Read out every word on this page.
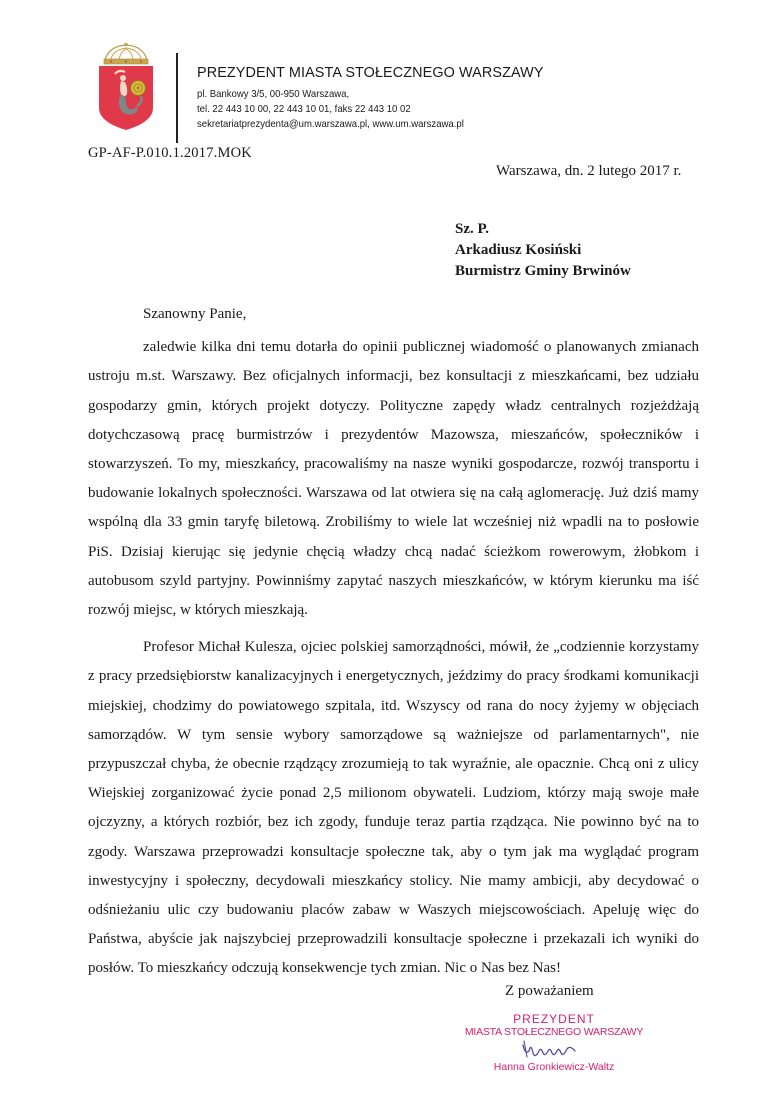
PREZYDENT MIASTA STOŁECZNEGO WARSZAWY
pl. Bankowy 3/5, 00-950 Warszawa,
tel. 22 443 10 00, 22 443 10 01, faks 22 443 10 02
sekretariatprezydenta@um.warszawa.pl, www.um.warszawa.pl
GP-AF-P.010.1.2017.MOK
Warszawa, dn. 2 lutego 2017 r.
Sz. P.
Arkadiusz Kosiński
Burmistrz Gminy Brwinów

Szanowny Panie,

zaledwie kilka dni temu dotarła do opinii publicznej wiadomość o planowanych zmianach ustroju m.st. Warszawy. Bez oficjalnych informacji, bez konsultacji z mieszkańcami, bez udziału gospodarzy gmin, których projekt dotyczy. Polityczne zapędy władz centralnych rozjeżdżają dotychczasową pracę burmistrzów i prezydentów Mazowsza, mieszańców, społeczników i stowarzyszeń. To my, mieszkańcy, pracowaliśmy na nasze wyniki gospodarcze, rozwój transportu i budowanie lokalnych społeczności. Warszawa od lat otwiera się na całą aglomerację. Już dziś mamy wspólną dla 33 gmin taryfę biletową. Zrobiliśmy to wiele lat wcześniej niż wpadli na to posłowie PiS. Dzisiaj kierując się jedynie chęcią władzy chcą nadać ścieżkom rowerowym, żłobkom i autobusom szyld partyjny. Powinniśmy zapytać naszych mieszkańców, w którym kierunku ma iść rozwój miejsc, w których mieszkają.

Profesor Michał Kulesza, ojciec polskiej samorządności, mówił, że „codziennie korzystamy z pracy przedsiębiorstw kanalizacyjnych i energetycznych, jeździmy do pracy środkami komunikacji miejskiej, chodzimy do powiatowego szpitala, itd. Wszyscy od rana do nocy żyjemy w objęciach samorządów. W tym sensie wybory samorządowe są ważniejsze od parlamentarnych", nie przypuszczał chyba, że obecnie rządzący zrozumieją to tak wyraźnie, ale opacznie. Chcą oni z ulicy Wiejskiej zorganizować życie ponad 2,5 milionom obywateli. Ludziom, którzy mają swoje małe ojczyzny, a których rozbiór, bez ich zgody, funduje teraz partia rządząca. Nie powinno być na to zgody. Warszawa przeprowadzi konsultacje społeczne tak, aby o tym jak ma wyglądać program inwestycyjny i społeczny, decydowali mieszkańcy stolicy. Nie mamy ambicji, aby decydować o odśnieżaniu ulic czy budowaniu placów zabaw w Waszych miejscowościach. Apeluję więc do Państwa, abyście jak najszybciej przeprowadzili konsultacje społeczne i przekazali ich wyniki do posłów. To mieszkańcy odczują konsekwencje tych zmian. Nic o Nas bez Nas!

Z poważaniem
PREZYDENT
MIASTA STOŁECZNEGO WARSZAWY
Hanna Gronkiewicz-Waltz
